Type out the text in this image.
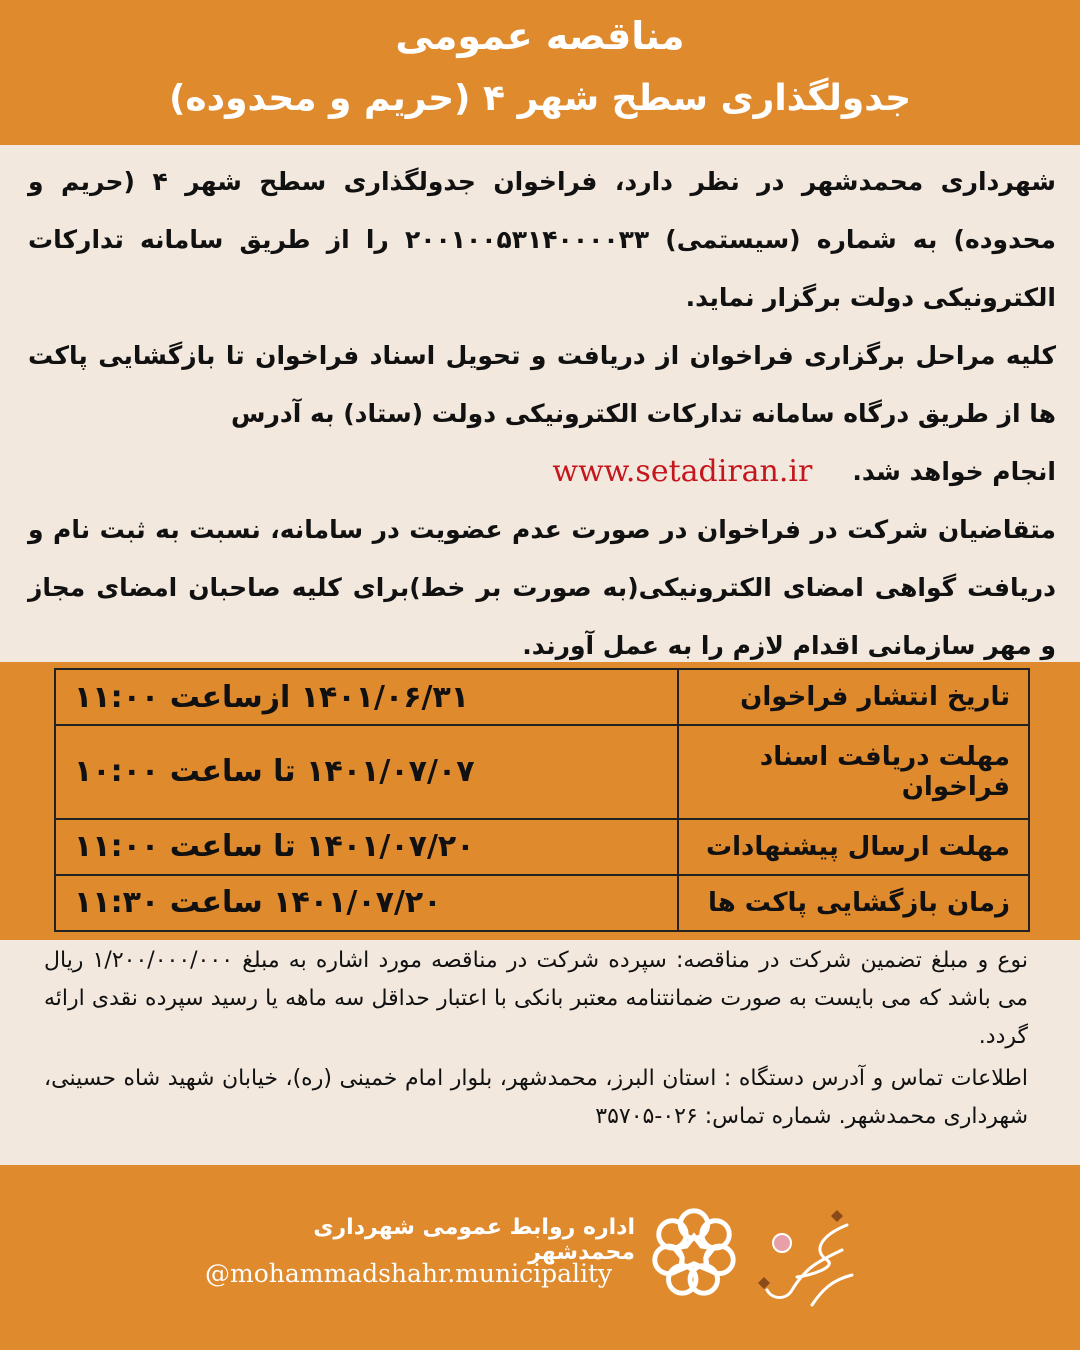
مناقصه عمومی
جدولگذاری سطح شهر ۴ (حریم و محدوده)

شهرداری محمدشهر در نظر دارد، فراخوان جدولگذاری سطح شهر ۴ (حریم و محدوده) به شماره (سیستمی) ۲۰۰۱۰۰۵۳۱۴۰۰۰۰۳۳ را از طریق سامانه تدارکات الکترونیکی دولت برگزار نماید.

کلیه مراحل برگزاری فراخوان از دریافت و تحویل اسناد فراخوان تا بازگشایی پاکت ها از طریق درگاه سامانه تدارکات الکترونیکی دولت (ستاد) به آدرس

انجام خواهد شد.
www.setadiran.ir

متقاضیان شرکت در فراخوان در صورت عدم عضویت در سامانه، نسبت به ثبت نام و دریافت گواهی امضای الکترونیکی(به صورت بر خط)برای کلیه صاحبان امضای مجاز و مهر سازمانی اقدام لازم را به عمل آورند.

تاریخ انتشار فراخوان	۱۴۰۱/۰۶/۳۱ ازساعت ۱۱:۰۰
مهلت دریافت اسناد فراخوان	۱۴۰۱/۰۷/۰۷ تا ساعت ۱۰:۰۰
مهلت ارسال پیشنهادات	۱۴۰۱/۰۷/۲۰ تا ساعت ۱۱:۰۰
زمان بازگشایی پاکت ها	۱۴۰۱/۰۷/۲۰ ساعت ۱۱:۳۰

نوع و مبلغ تضمین شرکت در مناقصه: سپرده شرکت در مناقصه مورد اشاره به مبلغ ۱/۲۰۰/۰۰۰/۰۰۰ ریال می باشد که می بایست به صورت ضمانتنامه معتبر بانکی با اعتبار حداقل سه ماهه یا رسید سپرده نقدی ارائه گردد.

اطلاعات تماس و آدرس دستگاه : استان البرز، محمدشهر، بلوار امام خمینی (ره)، خیابان شهید شاه حسینی، شهرداری محمدشهر. شماره تماس: ۰۲۶-۳۵۷۰۵

اداره روابط عمومی شهرداری محمدشهر
@mohammadshahr.municipality
